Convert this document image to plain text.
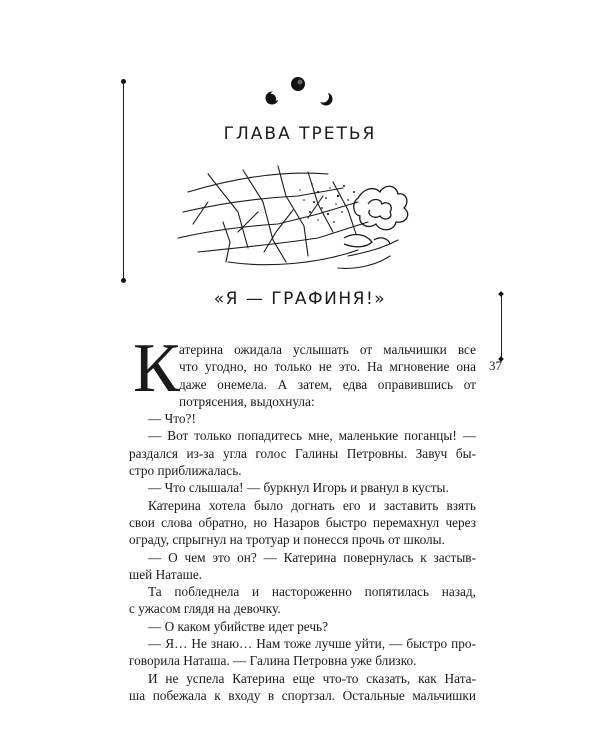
37
ГЛАВА ТРЕТЬЯ
«Я — ГРАФИНЯ!»
К атерина ожидала услышать от мальчишки все
что угодно, но только не это. На мгновение она
даже онемела. А затем, едва оправившись от
потрясения, выдохнула:
— Что?!
— Вот только попадитесь мне, маленькие поганцы! —
раздался из-за угла голос Галины Петровны. Завуч бы-
стро приближалась.
— Что слышала! — буркнул Игорь и рванул в кусты.
Катерина хотела было догнать его и заставить взять
свои слова обратно, но Назаров быстро перемахнул через
ограду, спрыгнул на тротуар и понесся прочь от школы.
— О чем это он? — Катерина повернулась к застыв-
шей Наташе.
Та побледнела и настороженно попятилась назад,
с ужасом глядя на девочку.
— О каком убийстве идет речь?
— Я… Не знаю… Нам тоже лучше уйти, — быстро про-
говорила Наташа. — Галина Петровна уже близко.
И не успела Катерина еще что-то сказать, как Ната-
ша побежала к входу в спортзал. Остальные мальчишки
